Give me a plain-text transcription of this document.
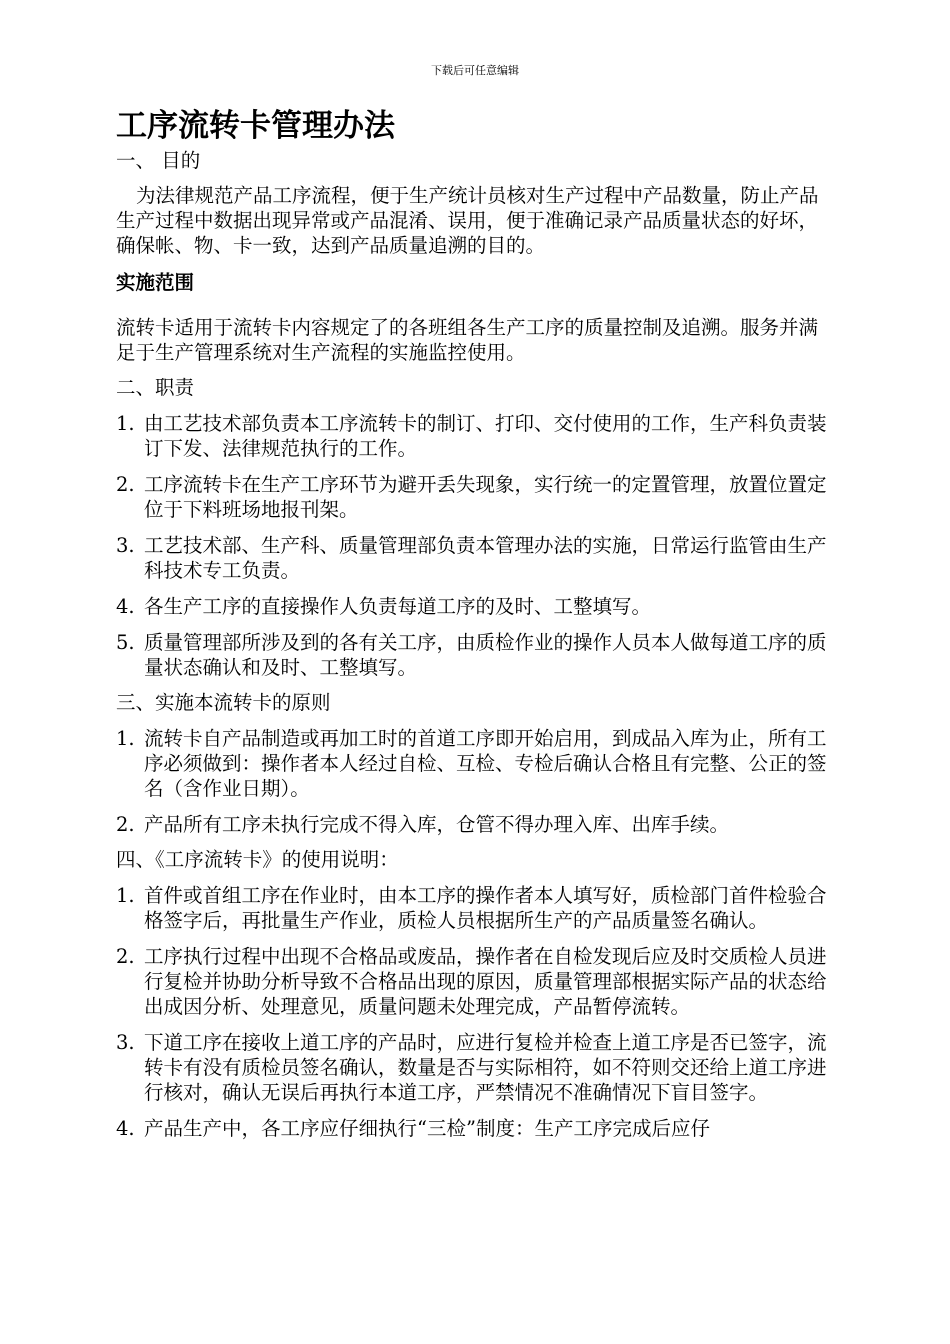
下载后可任意编辑
工序流转卡管理办法

一、 目的

为法律规范产品工序流程，便于生产统计员核对生产过程中产品数量，防止产品生产过程中数据出现异常或产品混淆、误用，便于准确记录产品质量状态的好坏，确保帐、物、卡一致，达到产品质量追溯的目的。

实施范围

流转卡适用于流转卡内容规定了的各班组各生产工序的质量控制及追溯。服务并满足于生产管理系统对生产流程的实施监控使用。

二、职责

1. 由工艺技术部负责本工序流转卡的制订、打印、交付使用的工作，生产科负责装订下发、法律规范执行的工作。
2. 工序流转卡在生产工序环节为避开丢失现象，实行统一的定置管理，放置位置定位于下料班场地报刊架。
3. 工艺技术部、生产科、质量管理部负责本管理办法的实施，日常运行监管由生产科技术专工负责。
4. 各生产工序的直接操作人负责每道工序的及时、工整填写。
5. 质量管理部所涉及到的各有关工序，由质检作业的操作人员本人做每道工序的质量状态确认和及时、工整填写。

三、实施本流转卡的原则

1. 流转卡自产品制造或再加工时的首道工序即开始启用，到成品入库为止，所有工序必须做到：操作者本人经过自检、互检、专检后确认合格且有完整、公正的签名（含作业日期）。
2. 产品所有工序未执行完成不得入库，仓管不得办理入库、出库手续。

四、《工序流转卡》的使用说明：

1. 首件或首组工序在作业时，由本工序的操作者本人填写好，质检部门首件检验合格签字后，再批量生产作业，质检人员根据所生产的产品质量签名确认。
2. 工序执行过程中出现不合格品或废品，操作者在自检发现后应及时交质检人员进行复检并协助分析导致不合格品出现的原因，质量管理部根据实际产品的状态给出成因分析、处理意见，质量问题未处理完成，产品暂停流转。
3. 下道工序在接收上道工序的产品时，应进行复检并检查上道工序是否已签字，流转卡有没有质检员签名确认，数量是否与实际相符，如不符则交还给上道工序进行核对，确认无误后再执行本道工序，严禁情况不准确情况下盲目签字。
4. 产品生产中，各工序应仔细执行“三检”制度：生产工序完成后应仔
